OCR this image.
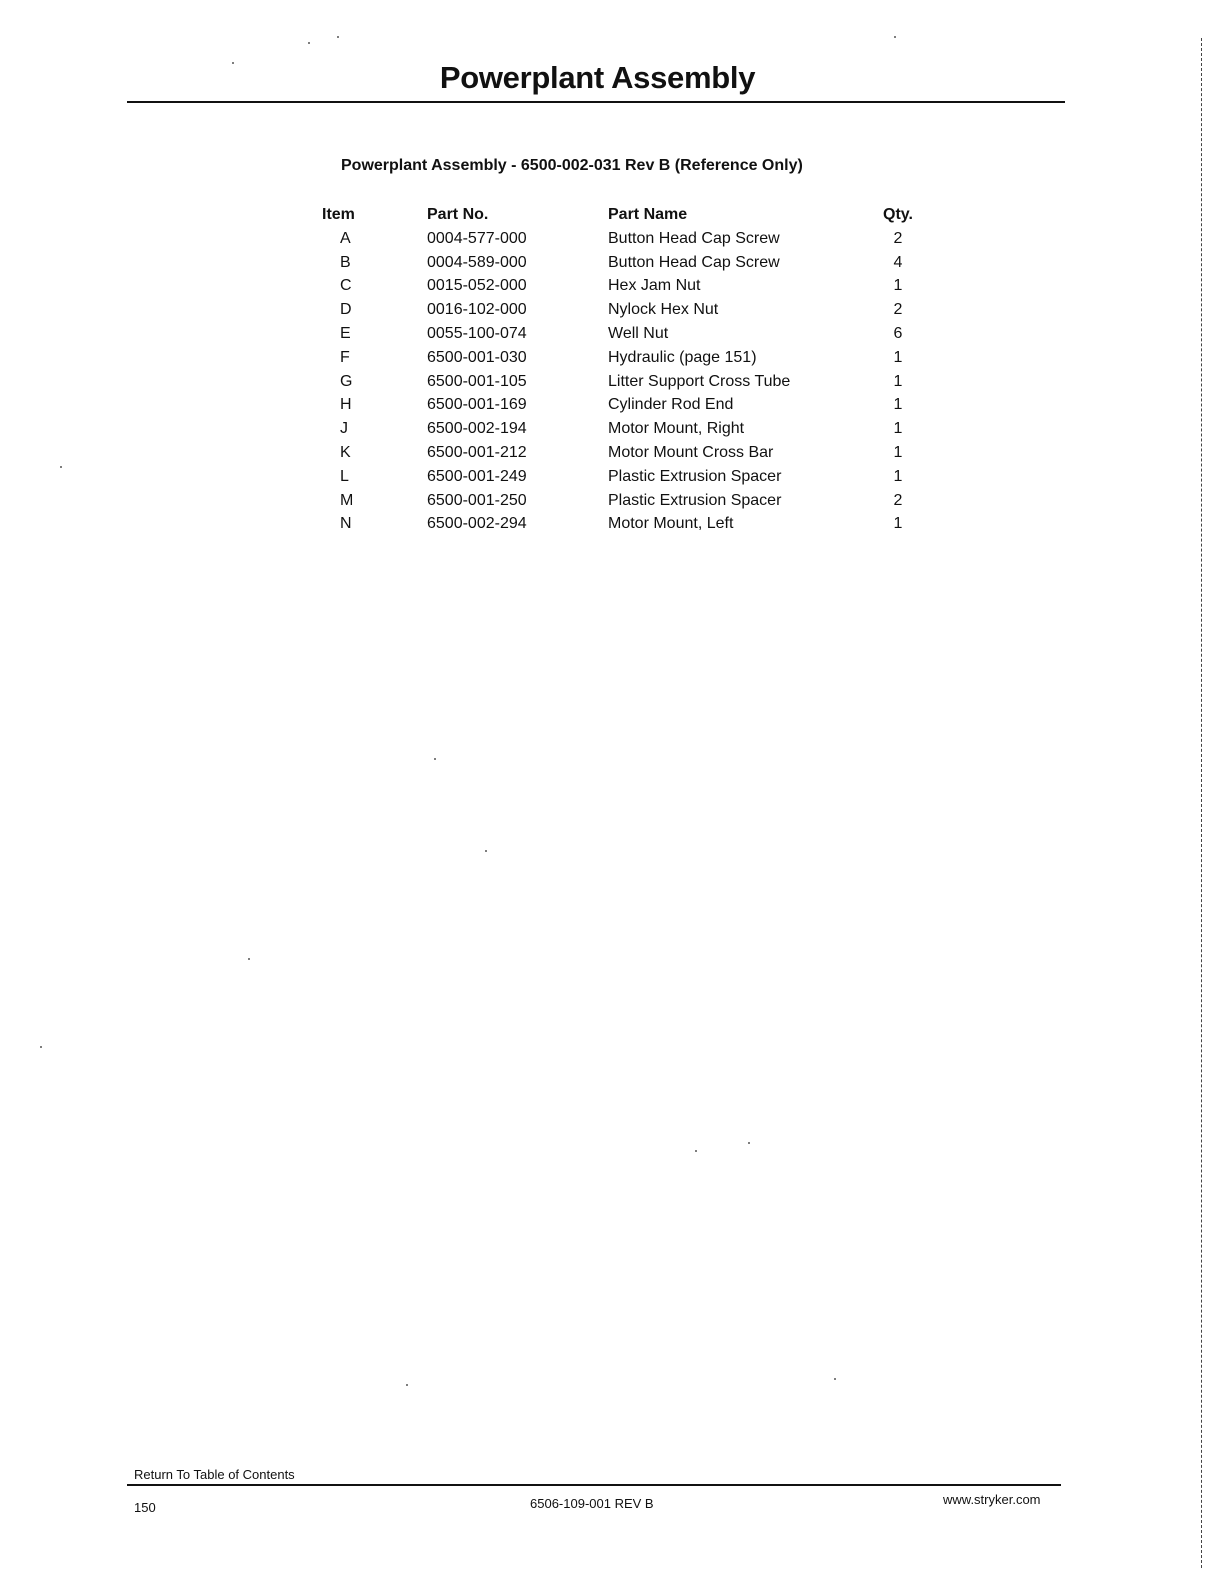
Powerplant Assembly
Powerplant Assembly - 6500-002-031 Rev B (Reference Only)
Item	Part No.	Part Name	Qty.
A	0004-577-000	Button Head Cap Screw	2
B	0004-589-000	Button Head Cap Screw	4
C	0015-052-000	Hex Jam Nut	1
D	0016-102-000	Nylock Hex Nut	2
E	0055-100-074	Well Nut	6
F	6500-001-030	Hydraulic (page 151)	1
G	6500-001-105	Litter Support Cross Tube	1
H	6500-001-169	Cylinder Rod End	1
J	6500-002-194	Motor Mount, Right	1
K	6500-001-212	Motor Mount Cross Bar	1
L	6500-001-249	Plastic Extrusion Spacer	1
M	6500-001-250	Plastic Extrusion Spacer	2
N	6500-002-294	Motor Mount, Left	1
Return To Table of Contents
150	6506-109-001 REV B	www.stryker.com
